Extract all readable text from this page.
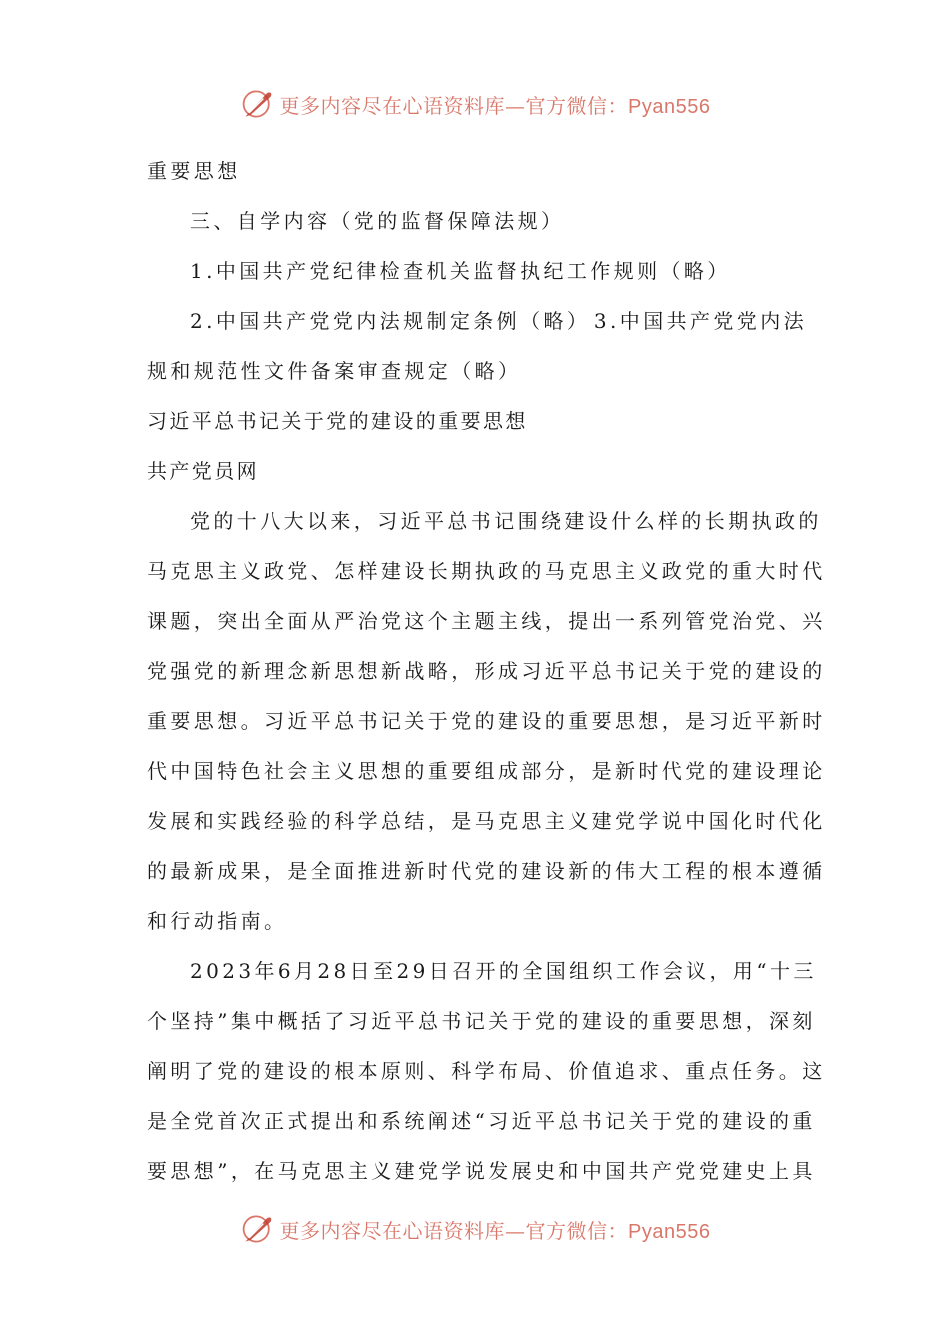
更多内容尽在心语资料库—官方微信：Pyan556
重要思想
三、自学内容（党的监督保障法规）
1.中国共产党纪律检查机关监督执纪工作规则（略）
2.中国共产党党内法规制定条例（略） 3.中国共产党党内法
规和规范性文件备案审查规定（略）
习近平总书记关于党的建设的重要思想
共产党员网
党的十八大以来，习近平总书记围绕建设什么样的长期执政的
马克思主义政党、怎样建设长期执政的马克思主义政党的重大时代
课题，突出全面从严治党这个主题主线，提出一系列管党治党、兴
党强党的新理念新思想新战略，形成习近平总书记关于党的建设的
重要思想。习近平总书记关于党的建设的重要思想，是习近平新时
代中国特色社会主义思想的重要组成部分，是新时代党的建设理论
发展和实践经验的科学总结，是马克思主义建党学说中国化时代化
的最新成果，是全面推进新时代党的建设新的伟大工程的根本遵循
和行动指南。
2023年6月28日至29日召开的全国组织工作会议，用“十三
个坚持”集中概括了习近平总书记关于党的建设的重要思想，深刻
阐明了党的建设的根本原则、科学布局、价值追求、重点任务。这
是全党首次正式提出和系统阐述“习近平总书记关于党的建设的重
要思想”，在马克思主义建党学说发展史和中国共产党党建史上具
更多内容尽在心语资料库—官方微信：Pyan556
